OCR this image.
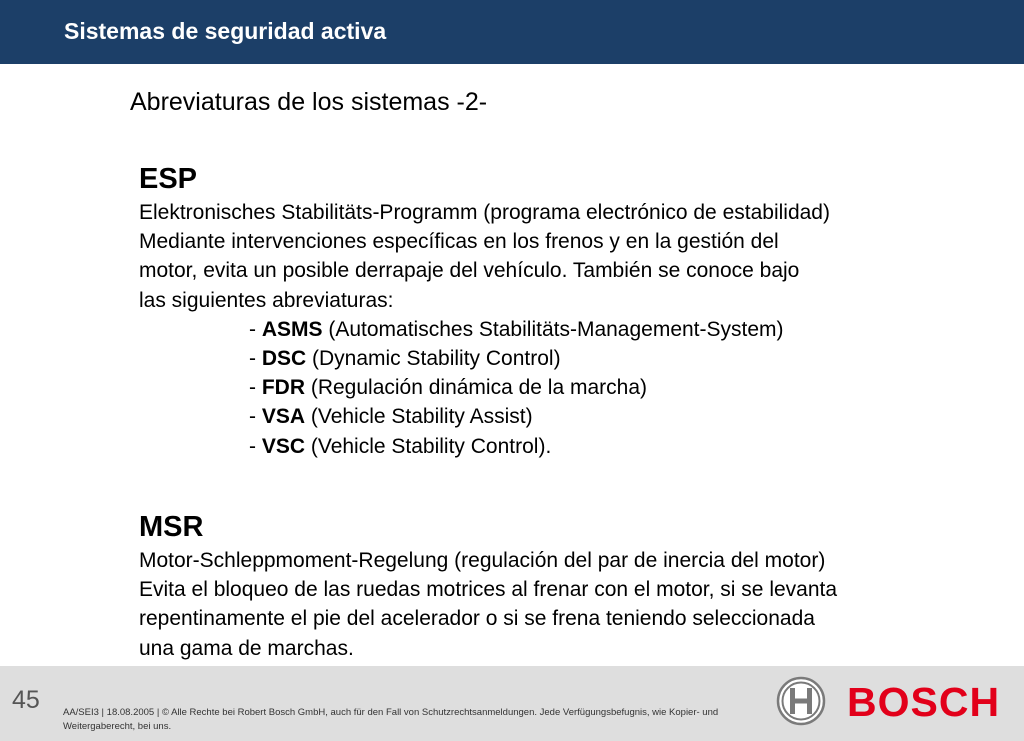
Sistemas de seguridad activa
Abreviaturas de los sistemas -2-
ESP

Elektronisches Stabilitäts-Programm (programa electrónico de estabilidad)
Mediante intervenciones específicas en los frenos y en la gestión del
motor, evita un posible derrapaje del vehículo. También se conoce bajo
las siguientes abreviaturas:

- ASMS (Automatisches Stabilitäts-Management-System)
- DSC (Dynamic Stability Control)
- FDR (Regulación dinámica de la marcha)
- VSA (Vehicle Stability Assist)
- VSC (Vehicle Stability Control).
MSR

Motor-Schleppmoment-Regelung (regulación del par de inercia del motor)
Evita el bloqueo de las ruedas motrices al frenar con el motor, si se levanta
repentinamente el pie del acelerador o si se frena teniendo seleccionada
una gama de marchas.

45 AA/SEI3 | 18.08.2005 | © Alle Rechte bei Robert Bosch GmbH, auch für den Fall von Schutzrechtsanmeldungen. Jede Verfügungsbefugnis, wie Kopier- und Weitergaberecht, bei uns.
BOSCH
